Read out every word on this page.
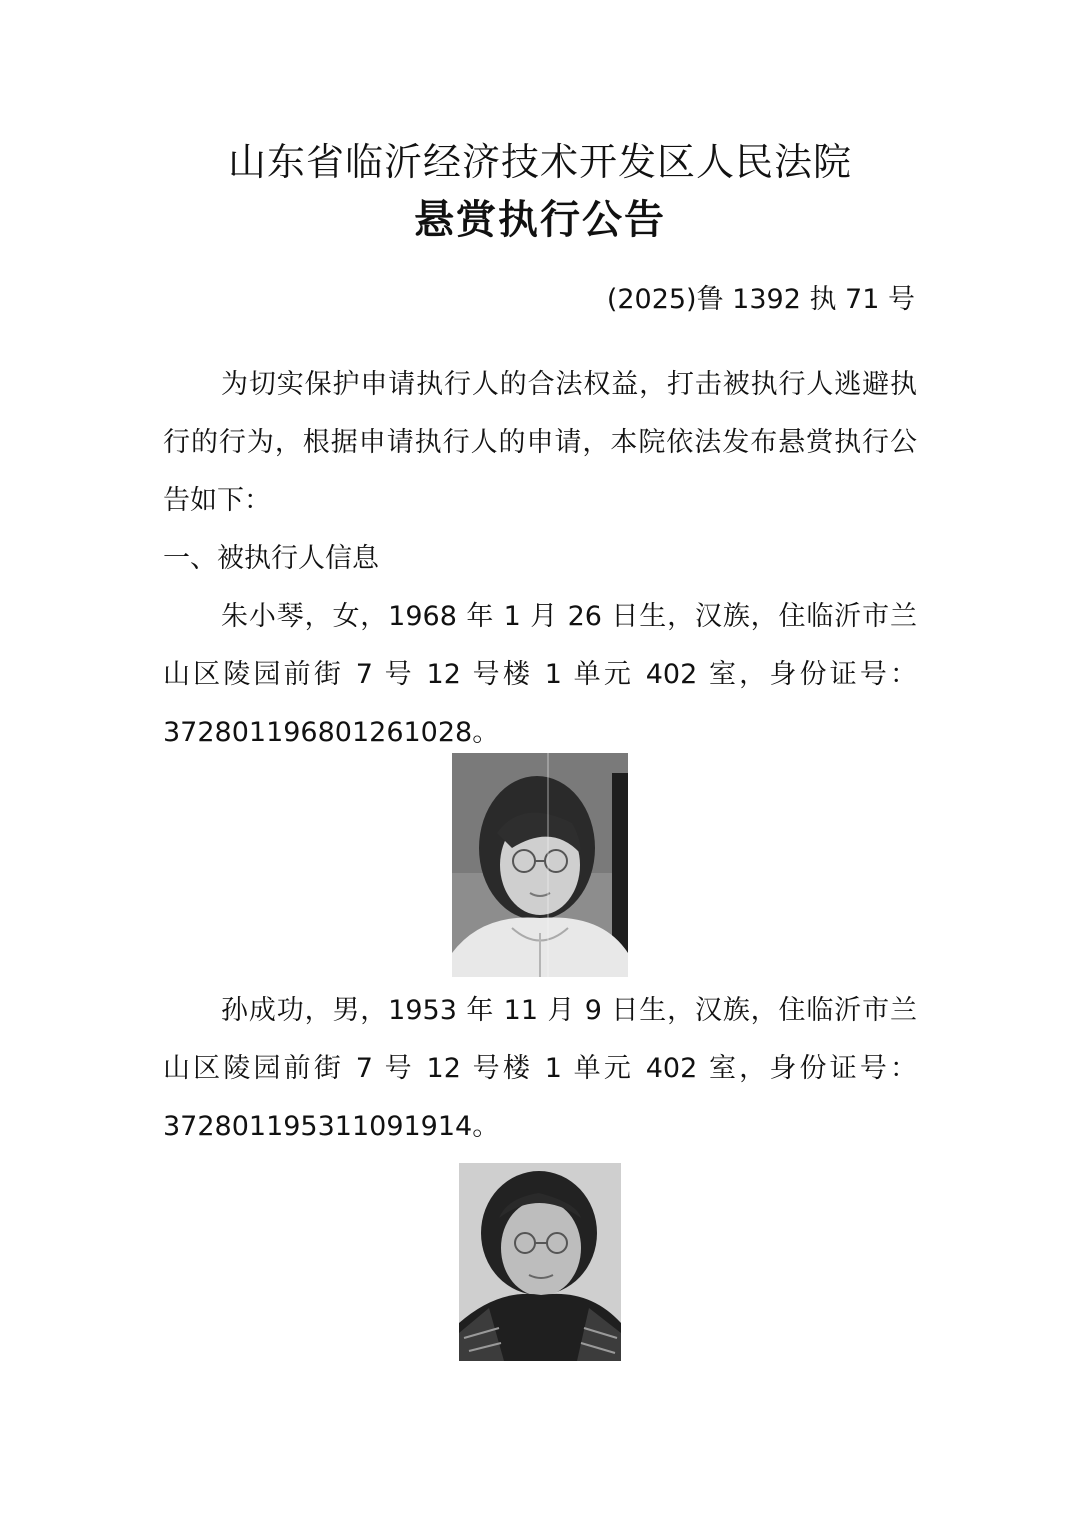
山东省临沂经济技术开发区人民法院
悬赏执行公告
(2025)鲁 1392 执 71 号
为切实保护申请执行人的合法权益，打击被执行人逃避执行的行为，根据申请执行人的申请，本院依法发布悬赏执行公告如下：
一、被执行人信息
朱小琴，女，1968 年 1 月 26 日生，汉族，住临沂市兰山区陵园前街 7 号 12 号楼 1 单元 402 室，身份证号：372801196801261028。
孙成功，男，1953 年 11 月 9 日生，汉族，住临沂市兰山区陵园前街 7 号 12 号楼 1 单元 402 室，身份证号：372801195311091914。
